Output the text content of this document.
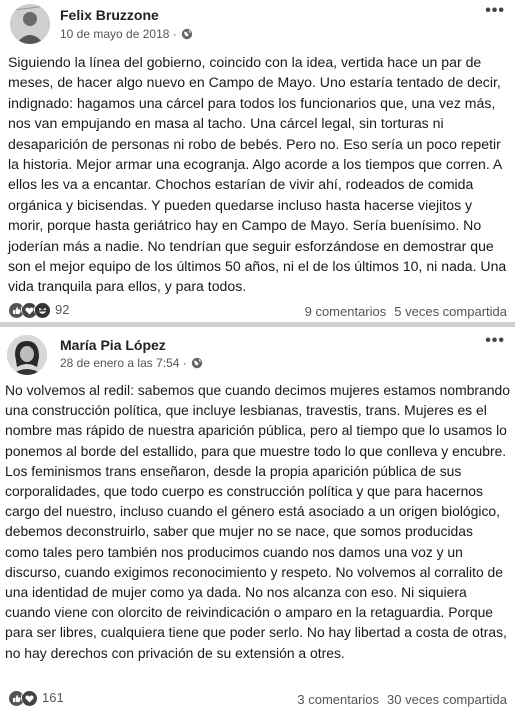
Felix Bruzzone
10 de mayo de 2018 ·
•••
Siguiendo la línea del gobierno, coincido con la idea, vertida hace un par de meses, de hacer algo nuevo en Campo de Mayo. Uno estaría tentado de decir, indignado: hagamos una cárcel para todos los funcionarios que, una vez más, nos van empujando en masa al tacho. Una cárcel legal, sin torturas ni desaparición de personas ni robo de bebés. Pero no. Eso sería un poco repetir la historia. Mejor armar una ecogranja. Algo acorde a los tiempos que corren. A ellos les va a encantar. Chochos estarían de vivir ahí, rodeados de comida orgánica y bicisendas. Y pueden quedarse incluso hasta hacerse viejitos y morir, porque hasta geriátrico hay en Campo de Mayo. Sería buenísimo. No joderían más a nadie. No tendrían que seguir esforzándose en demostrar que son el mejor equipo de los últimos 50 años, ni el de los últimos 10, ni nada. Una vida tranquila para ellos, y para todos.
92	9 comentarios 5 veces compartida
María Pia López
28 de enero a las 7:54 ·
•••
No volvemos al redil: sabemos que cuando decimos mujeres estamos nombrando una construcción política, que incluye lesbianas, travestis, trans. Mujeres es el nombre mas rápido de nuestra aparición pública, pero al tiempo que lo usamos lo ponemos al borde del estallido, para que muestre todo lo que conlleva y encubre. Los feminismos trans enseñaron, desde la propia aparición pública de sus corporalidades, que todo cuerpo es construcción política y que para hacernos cargo del nuestro, incluso cuando el género está asociado a un origen biológico, debemos deconstruirlo, saber que mujer no se nace, que somos producidas como tales pero también nos producimos cuando nos damos una voz y un discurso, cuando exigimos reconocimiento y respeto. No volvemos al corralito de una identidad de mujer como ya dada. No nos alcanza con eso. Ni siquiera cuando viene con olorcito de reivindicación o amparo en la retaguardia. Porque para ser libres, cualquiera tiene que poder serlo. No hay libertad a costa de otras, no hay derechos con privación de su extensión a otres.
161	3 comentarios 30 veces compartida
